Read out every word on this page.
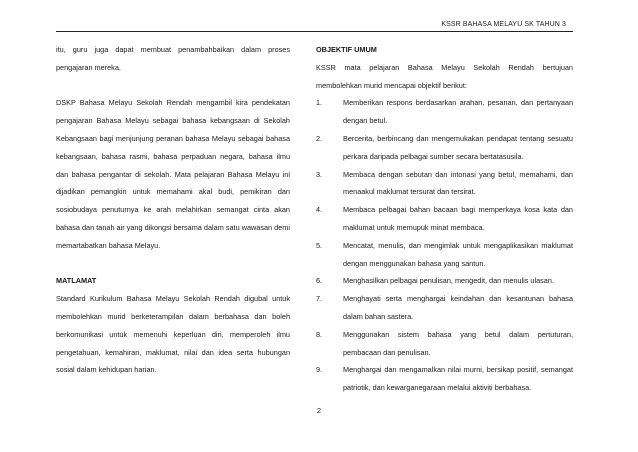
KSSR BAHASA MELAYU SK TAHUN 3

itu, guru juga dapat membuat penambahbaikan dalam proses pengajaran mereka.

DSKP Bahasa Melayu Sekolah Rendah mengambil kira pendekatan pengajaran Bahasa Melayu sebagai bahasa kebangsaan di Sekolah Kebangsaan bagi menjunjung peranan bahasa Melayu sebagai bahasa kebangsaan, bahasa rasmi, bahasa perpaduan negara, bahasa ilmu dan bahasa pengantar di sekolah. Mata pelajaran Bahasa Melayu ini dijadikan pemangkin untuk memahami akal budi, pemikiran dan sosiobudaya penuturnya ke arah melahirkan semangat cinta akan bahasa dan tanah air yang dikongsi bersama dalam satu wawasan demi memartabatkan bahasa Melayu.

MATLAMAT

Standard Kurikulum Bahasa Melayu Sekolah Rendah digubal untuk membolehkan murid berketerampilan dalam berbahasa dan boleh berkomunikasi untuk memenuhi keperluan diri, memperoleh ilmu pengetahuan, kemahiran, maklumat, nilai dan idea serta hubungan sosial dalam kehidupan harian.

OBJEKTIF UMUM

KSSR mata pelajaran Bahasa Melayu Sekolah Rendah bertujuan membolehkan murid mencapai objektif berikut:

1.	Memberikan respons berdasarkan arahan, pesanan, dan pertanyaan dengan betul.
2.	Bercerita, berbincang dan mengemukakan pendapat tentang sesuatu perkara daripada pelbagai sumber secara bertatasusila.
3.	Membaca dengan sebutan dan intonasi yang betul, memahami, dan menaakul maklumat tersurat dan tersirat.
4.	Membaca pelbagai bahan bacaan bagi memperkaya kosa kata dan maklumat untuk memupuk minat membaca.
5.	Mencatat, menulis, dan mengimlak untuk mengaplikasikan maklumat dengan menggunakan bahasa yang santun.
6.	Menghasilkan pelbagai penulisan, mengedit, dan menulis ulasan.
7.	Menghayati serta menghargai keindahan dan kesantunan bahasa dalam bahan sastera.
8.	Menggunakan sistem bahasa yang betul dalam pertuturan, pembacaan dan penulisan.
9.	Menghargai dan mengamalkan nilai murni, bersikap positif, semangat patriotik, dan kewarganegaraan melalui aktiviti berbahasa.
2
